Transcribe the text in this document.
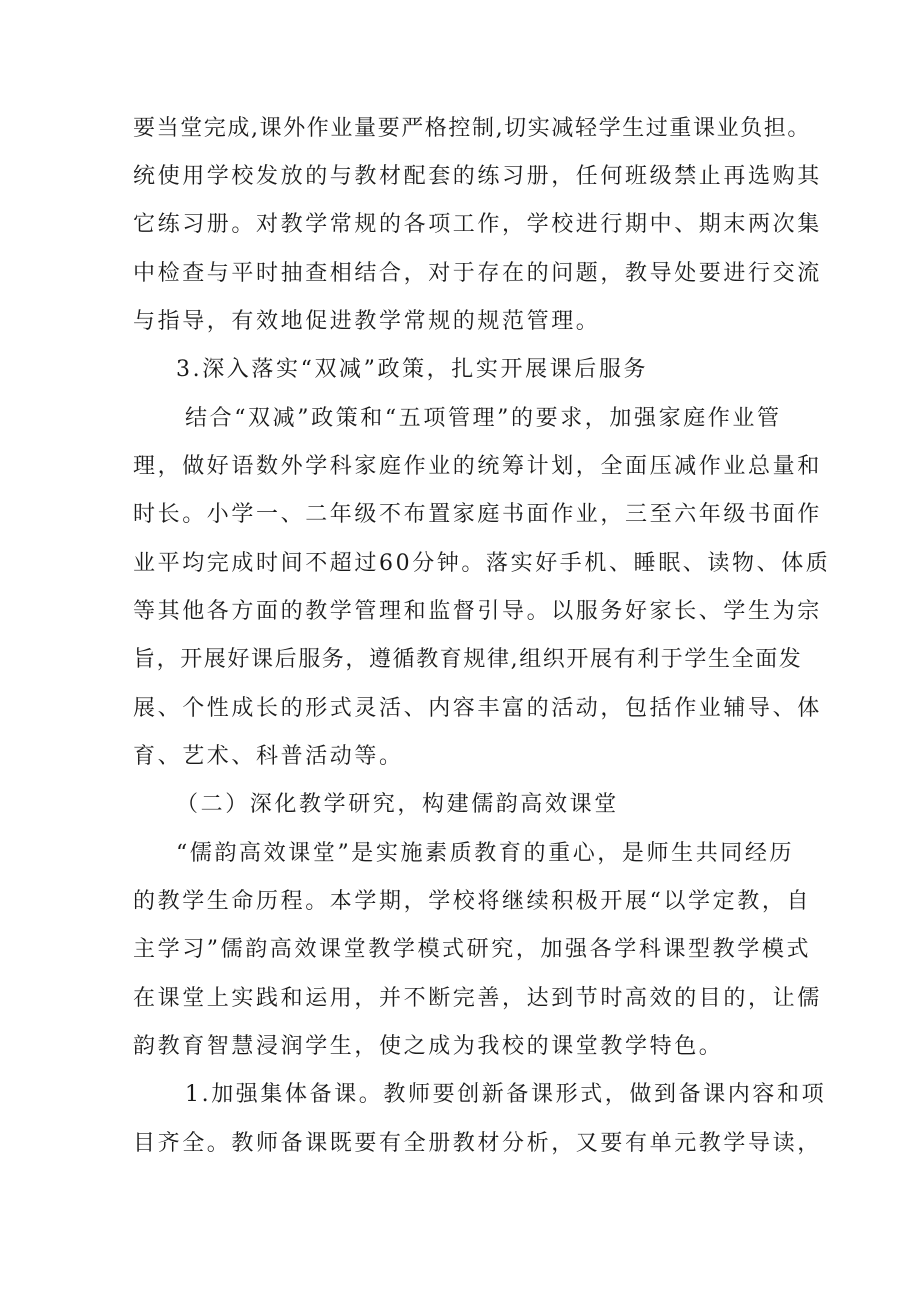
要当堂完成,课外作业量要严格控制,切实减轻学生过重课业负担。
统使用学校发放的与教材配套的练习册，任何班级禁止再选购其
它练习册。对教学常规的各项工作，学校进行期中、期末两次集
中检查与平时抽查相结合，对于存在的问题，教导处要进行交流
与指导，有效地促进教学常规的规范管理。
3.深入落实“双减”政策，扎实开展课后服务
结合“双减”政策和“五项管理”的要求，加强家庭作业管
理，做好语数外学科家庭作业的统筹计划，全面压减作业总量和
时长。小学一、二年级不布置家庭书面作业，三至六年级书面作
业平均完成时间不超过60分钟。落实好手机、睡眠、读物、体质
等其他各方面的教学管理和监督引导。以服务好家长、学生为宗
旨，开展好课后服务，遵循教育规律,组织开展有利于学生全面发
展、个性成长的形式灵活、内容丰富的活动，包括作业辅导、体
育、艺术、科普活动等。
（二）深化教学研究，构建儒韵高效课堂
“儒韵高效课堂”是实施素质教育的重心，是师生共同经历
的教学生命历程。本学期，学校将继续积极开展“以学定教，自
主学习”儒韵高效课堂教学模式研究，加强各学科课型教学模式
在课堂上实践和运用，并不断完善，达到节时高效的目的，让儒
韵教育智慧浸润学生，使之成为我校的课堂教学特色。
1.加强集体备课。教师要创新备课形式，做到备课内容和项
目齐全。教师备课既要有全册教材分析，又要有单元教学导读，
